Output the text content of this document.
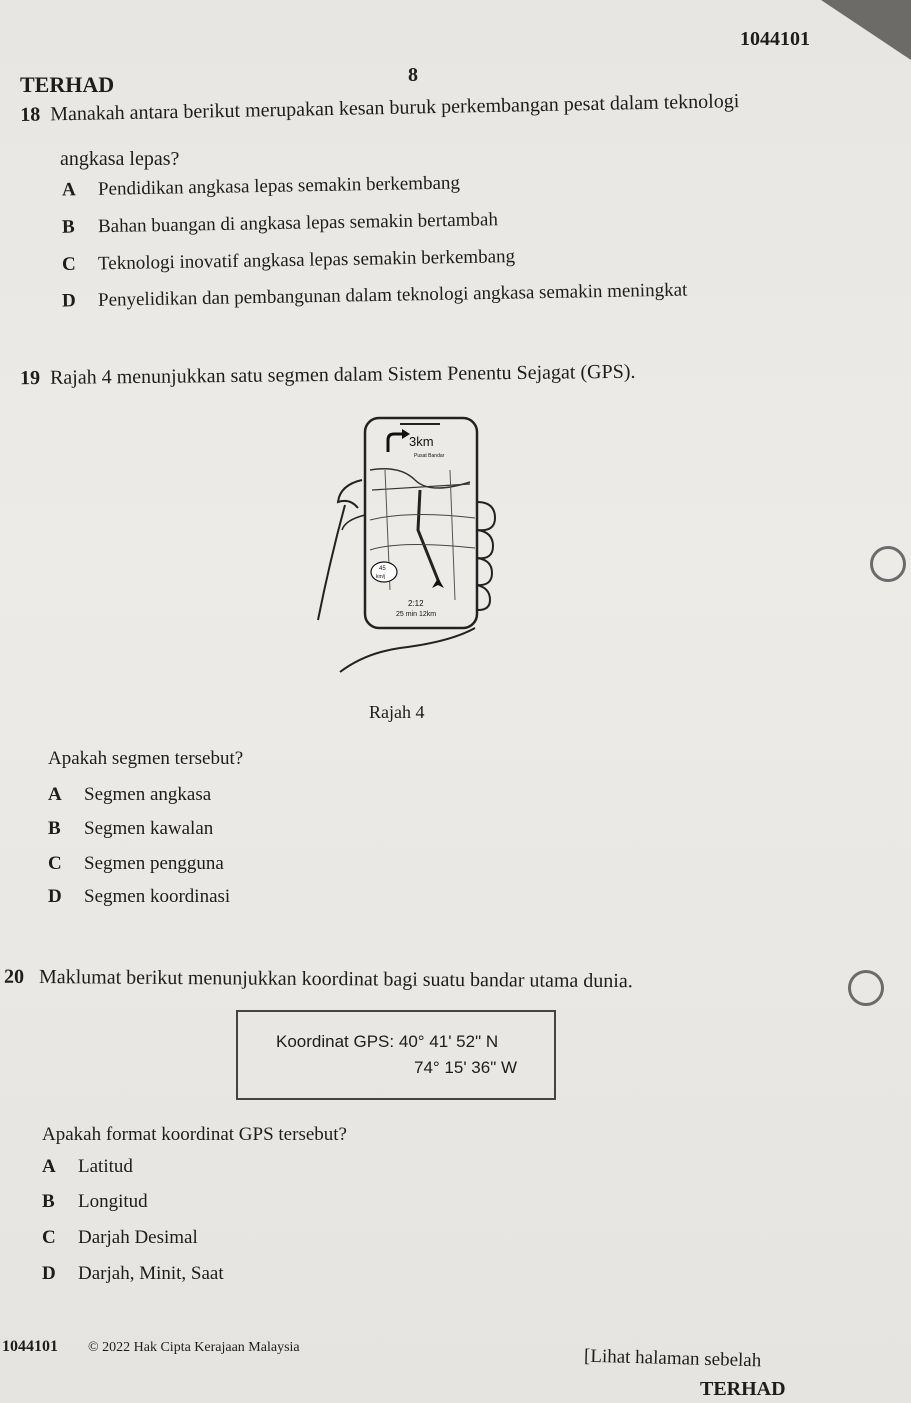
TERHAD	8
1044101
18 Manakah antara berikut merupakan kesan buruk perkembangan pesat dalam teknologi
angkasa lepas?
A Pendidikan angkasa lepas semakin berkembang
B Bahan buangan di angkasa lepas semakin bertambah
C Teknologi inovatif angkasa lepas semakin berkembang
D Penyelidikan dan pembangunan dalam teknologi angkasa semakin meningkat
19 Rajah 4 menunjukkan satu segmen dalam Sistem Penentu Sejagat (GPS).
3km
Pusat Bandar
45
km/j
2:12
25 min 12km
Rajah 4
Apakah segmen tersebut?
A Segmen angkasa
B Segmen kawalan
C Segmen pengguna
D Segmen koordinasi
20 Maklumat berikut menunjukkan koordinat bagi suatu bandar utama dunia.
Koordinat GPS: 40° 41' 52" N
74° 15' 36" W
Apakah format koordinat GPS tersebut?
A Latitud
B Longitud
C Darjah Desimal
D Darjah, Minit, Saat
1044101 © 2022 Hak Cipta Kerajaan Malaysia	[Lihat halaman sebelah
TERHAD
